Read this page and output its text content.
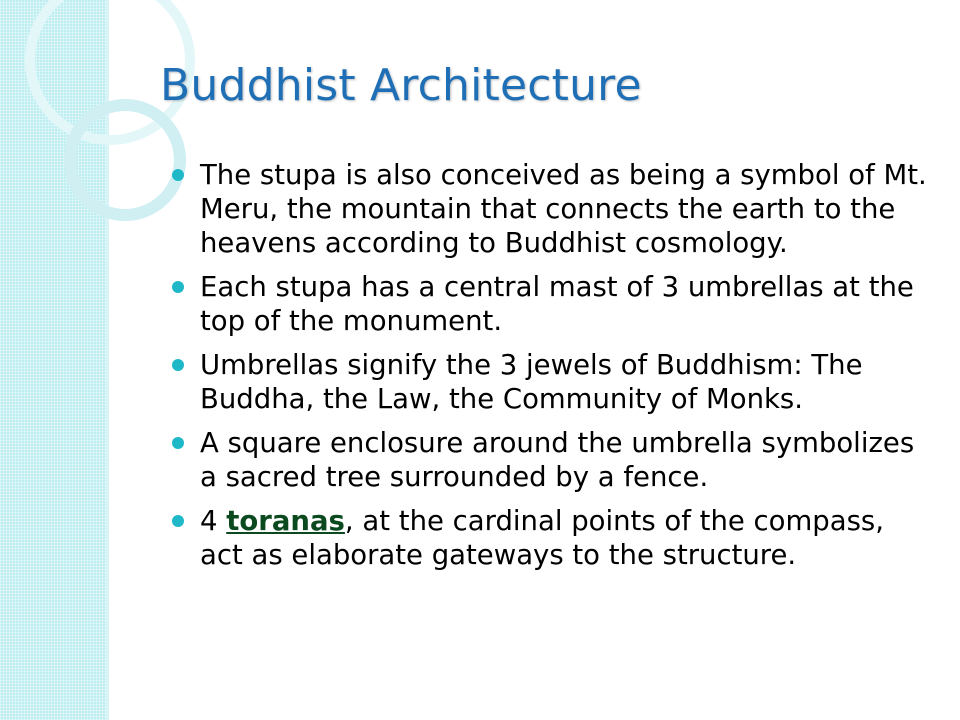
Buddhist Architecture
The stupa is also conceived as being a symbol of Mt. Meru, the mountain that connects the earth to the heavens according to Buddhist cosmology.
Each stupa has a central mast of 3 umbrellas at the top of the monument.
Umbrellas signify the 3 jewels of Buddhism: The Buddha, the Law, the Community of Monks.
A square enclosure around the umbrella symbolizes a sacred tree surrounded by a fence.
4 toranas, at the cardinal points of the compass, act as elaborate gateways to the structure.
